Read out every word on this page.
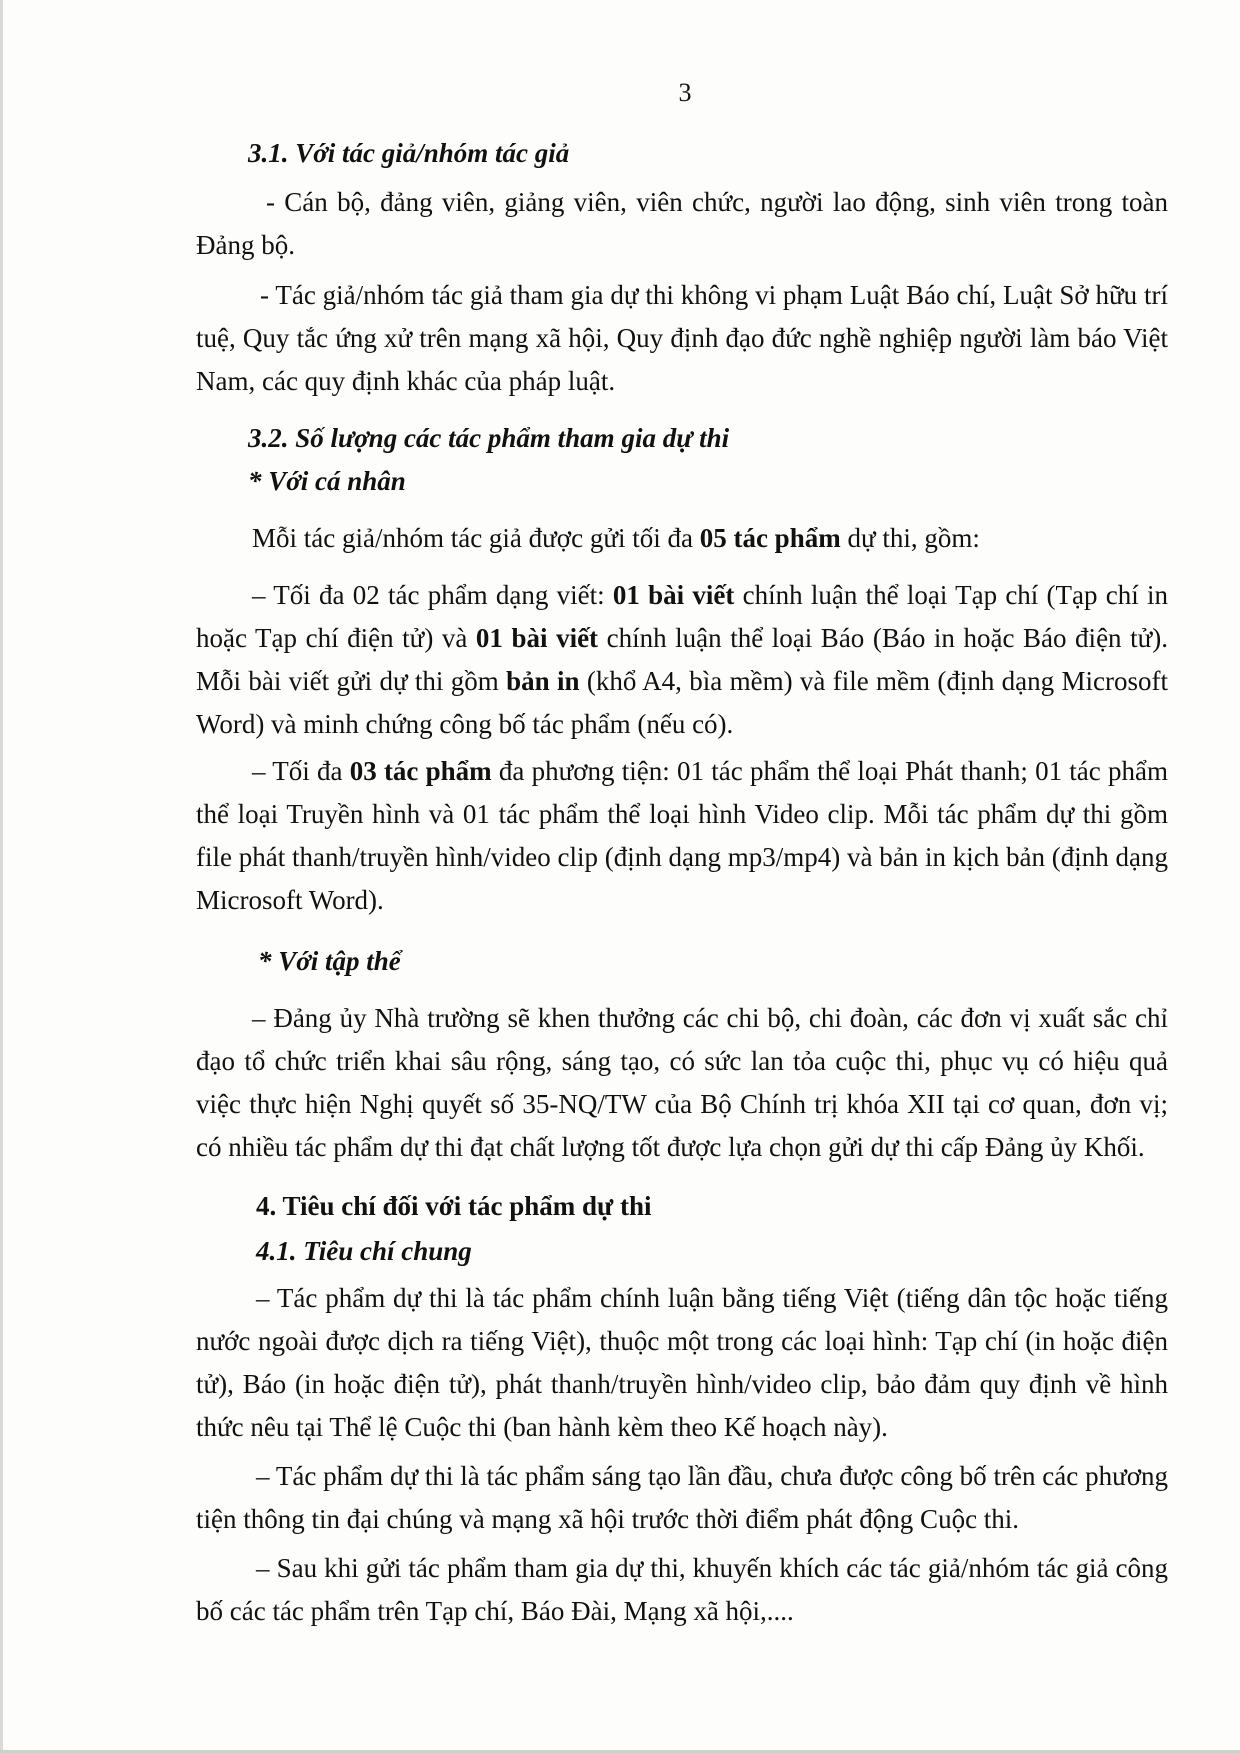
3

3.1. Với tác giả/nhóm tác giả

- Cán bộ, đảng viên, giảng viên, viên chức, người lao động, sinh viên trong toàn Đảng bộ.

- Tác giả/nhóm tác giả tham gia dự thi không vi phạm Luật Báo chí, Luật Sở hữu trí tuệ, Quy tắc ứng xử trên mạng xã hội, Quy định đạo đức nghề nghiệp người làm báo Việt Nam, các quy định khác của pháp luật.

3.2. Số lượng các tác phẩm tham gia dự thi

* Với cá nhân

Mỗi tác giả/nhóm tác giả được gửi tối đa 05 tác phẩm dự thi, gồm:

– Tối đa 02 tác phẩm dạng viết: 01 bài viết chính luận thể loại Tạp chí (Tạp chí in hoặc Tạp chí điện tử) và 01 bài viết chính luận thể loại Báo (Báo in hoặc Báo điện tử). Mỗi bài viết gửi dự thi gồm bản in (khổ A4, bìa mềm) và file mềm (định dạng Microsoft Word) và minh chứng công bố tác phẩm (nếu có).

– Tối đa 03 tác phẩm đa phương tiện: 01 tác phẩm thể loại Phát thanh; 01 tác phẩm thể loại Truyền hình và 01 tác phẩm thể loại hình Video clip. Mỗi tác phẩm dự thi gồm file phát thanh/truyền hình/video clip (định dạng mp3/mp4) và bản in kịch bản (định dạng Microsoft Word).

* Với tập thể

– Đảng ủy Nhà trường sẽ khen thưởng các chi bộ, chi đoàn, các đơn vị xuất sắc chỉ đạo tổ chức triển khai sâu rộng, sáng tạo, có sức lan tỏa cuộc thi, phục vụ có hiệu quả việc thực hiện Nghị quyết số 35-NQ/TW của Bộ Chính trị khóa XII tại cơ quan, đơn vị; có nhiều tác phẩm dự thi đạt chất lượng tốt được lựa chọn gửi dự thi cấp Đảng ủy Khối.

4. Tiêu chí đối với tác phẩm dự thi

4.1. Tiêu chí chung

– Tác phẩm dự thi là tác phẩm chính luận bằng tiếng Việt (tiếng dân tộc hoặc tiếng nước ngoài được dịch ra tiếng Việt), thuộc một trong các loại hình: Tạp chí (in hoặc điện tử), Báo (in hoặc điện tử), phát thanh/truyền hình/video clip, bảo đảm quy định về hình thức nêu tại Thể lệ Cuộc thi (ban hành kèm theo Kế hoạch này).

– Tác phẩm dự thi là tác phẩm sáng tạo lần đầu, chưa được công bố trên các phương tiện thông tin đại chúng và mạng xã hội trước thời điểm phát động Cuộc thi.

– Sau khi gửi tác phẩm tham gia dự thi, khuyến khích các tác giả/nhóm tác giả công bố các tác phẩm trên Tạp chí, Báo Đài, Mạng xã hội,....
